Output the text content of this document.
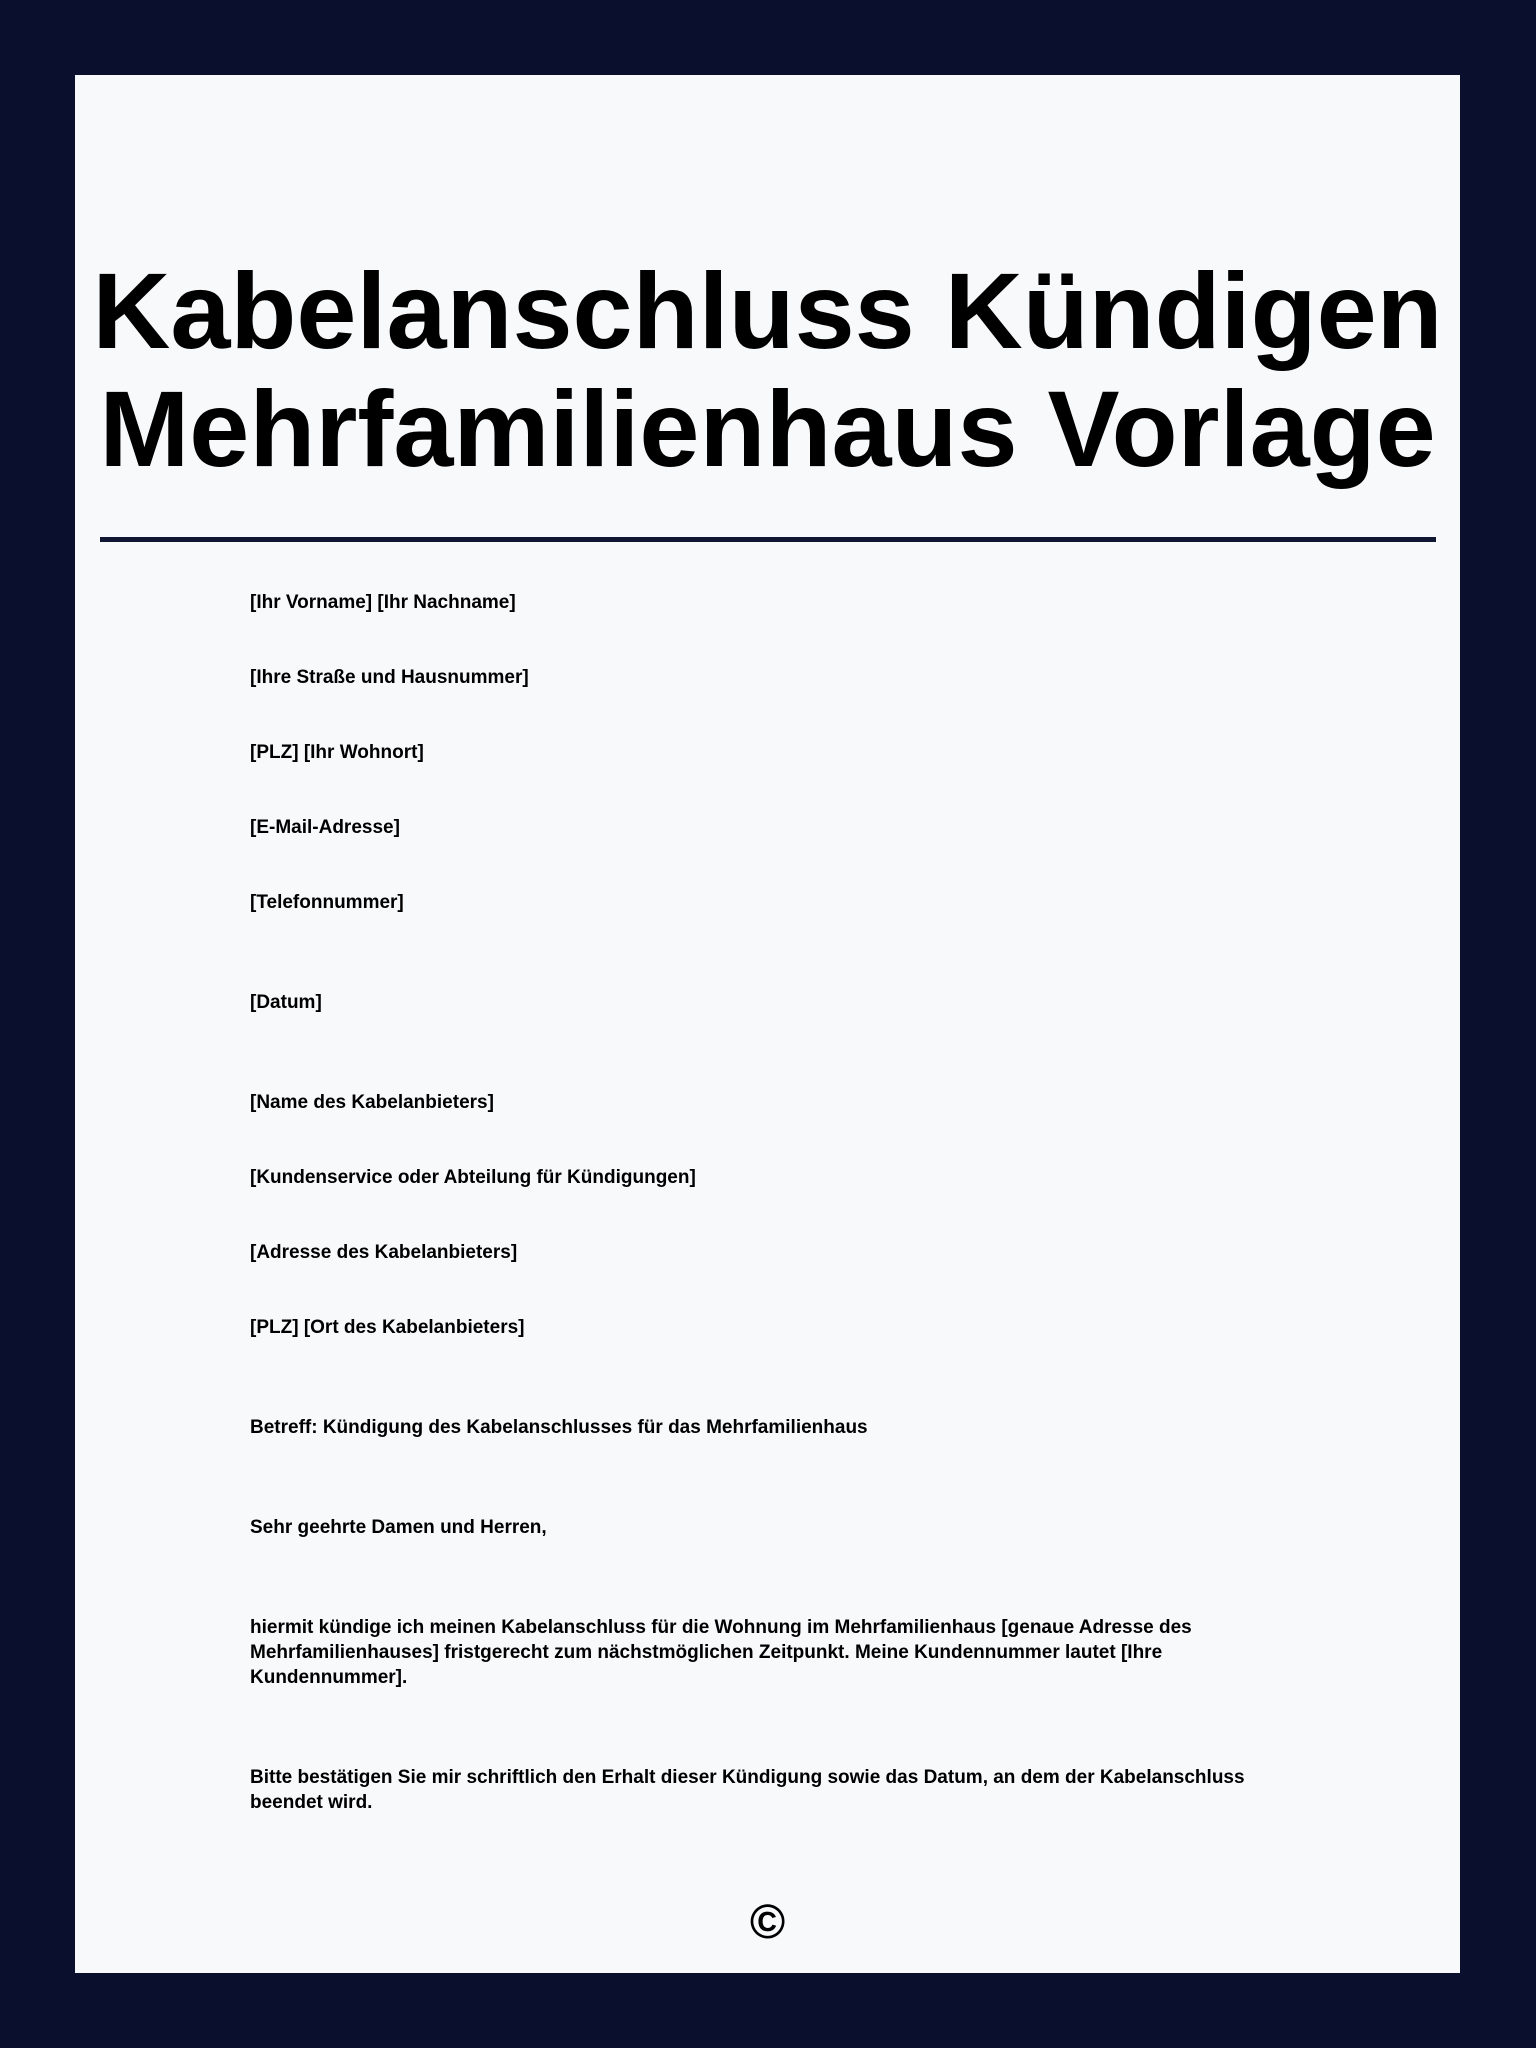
Kabelanschluss Kündigen
Mehrfamilienhaus Vorlage

[Ihr Vorname] [Ihr Nachname]

[Ihre Straße und Hausnummer]

[PLZ] [Ihr Wohnort]

[E-Mail-Adresse]

[Telefonnummer]

[Datum]

[Name des Kabelanbieters]

[Kundenservice oder Abteilung für Kündigungen]

[Adresse des Kabelanbieters]

[PLZ] [Ort des Kabelanbieters]

Betreff: Kündigung des Kabelanschlusses für das Mehrfamilienhaus

Sehr geehrte Damen und Herren,

hiermit kündige ich meinen Kabelanschluss für die Wohnung im Mehrfamilienhaus [genaue Adresse des Mehrfamilienhauses] fristgerecht zum nächstmöglichen Zeitpunkt. Meine Kundennummer lautet [Ihre Kundennummer].

Bitte bestätigen Sie mir schriftlich den Erhalt dieser Kündigung sowie das Datum, an dem der Kabelanschluss beendet wird.

©
